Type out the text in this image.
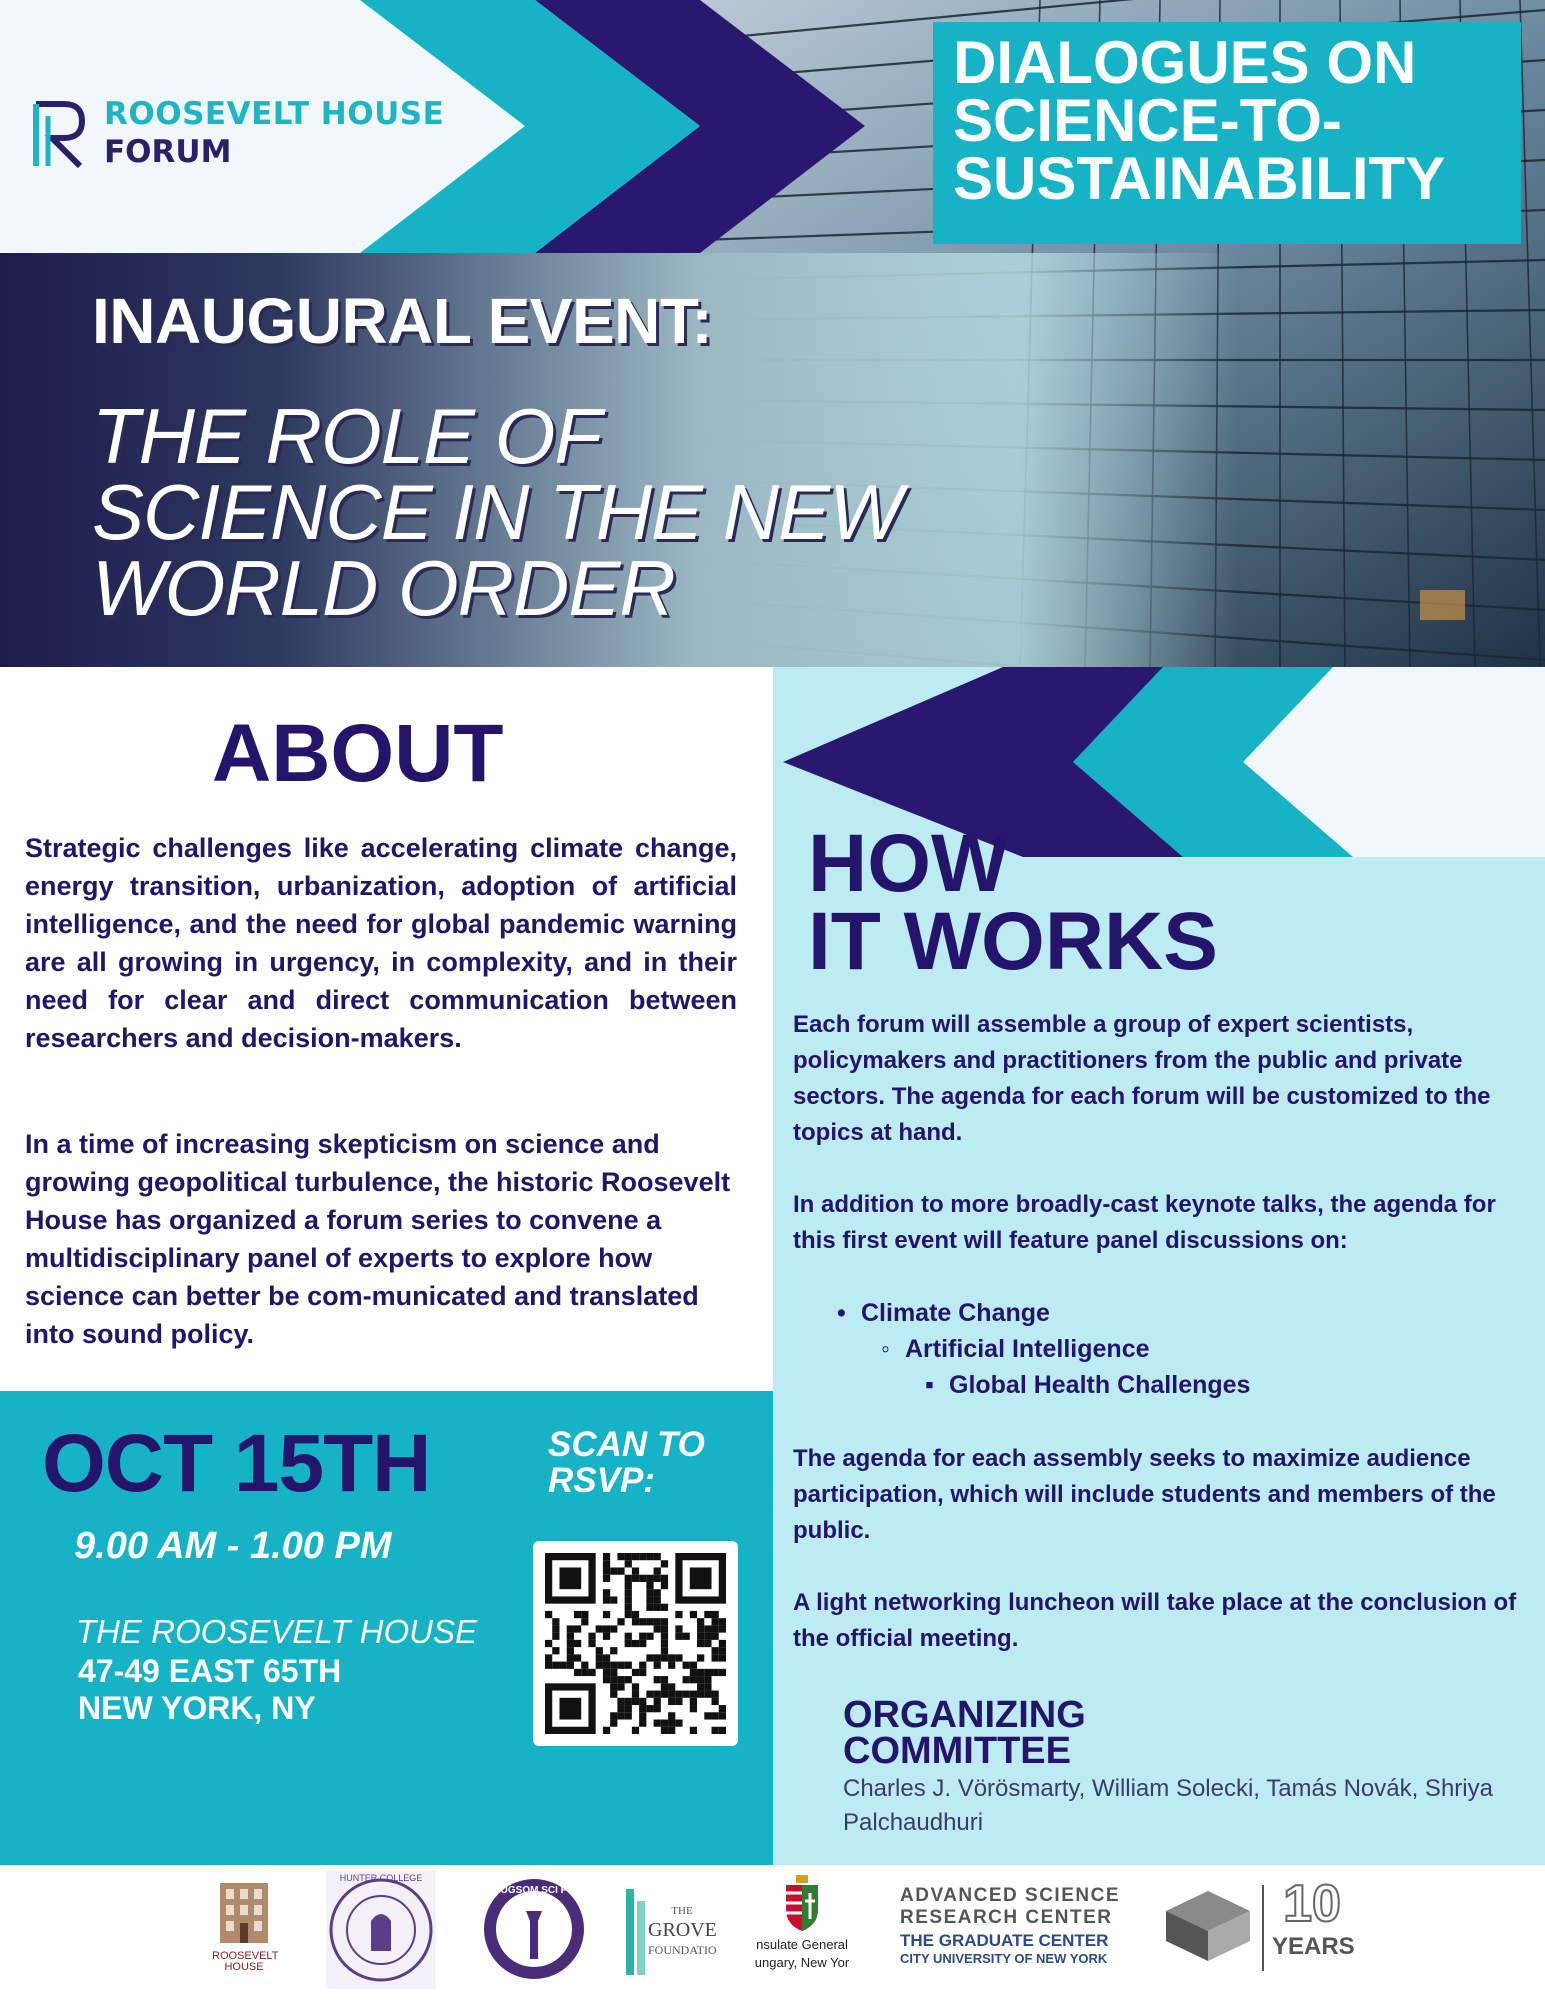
ROOSEVELT HOUSE
FORUM
DIALOGUES ON
SCIENCE-TO-
SUSTAINABILITY
INAUGURAL EVENT:
THE ROLE OF SCIENCE IN THE NEW WORLD ORDER
ABOUT
Strategic challenges like accelerating climate change, energy transition, urbanization, adoption of artificial intelligence, and the need for global pandemic warning are all growing in urgency, in complexity, and in their need for clear and direct communication between researchers and decision-makers.
In a time of increasing skepticism on science and growing geopolitical turbulence, the historic Roosevelt House has organized a forum series to convene a multidisciplinary panel of experts to explore how science can better be com-municated and translated into sound policy.
OCT 15TH
9.00 AM - 1.00 PM
THE ROOSEVELT HOUSE
47-49 EAST 65TH
NEW YORK, NY
SCAN TO
RSVP:
HOW
IT WORKS
Each forum will assemble a group of expert scientists, policymakers and practitioners from the public and private sectors. The agenda for each forum will be customized to the topics at hand.
In addition to more broadly-cast keynote talks, the agenda for this first event will feature panel discussions on:
• Climate Change
◦ Artificial Intelligence
▪ Global Health Challenges
The agenda for each assembly seeks to maximize audience participation, which will include students and members of the public.
A light networking luncheon will take place at the conclusion of the official meeting.
ORGANIZING
COMMITTEE
Charles J. Vörösmarty, William Solecki, Tamás Novák, Shriya Palchaudhuri
ROOSEVELT HOUSE
HUNTER COLLEGE
NYUGSOM SCI POL
THE
GROVE
FOUNDATIO	nsulate General
ungary, New Yor
ADVANCED SCIENCE
RESEARCH CENTER
THE GRADUATE CENTER
CITY UNIVERSITY OF NEW YORK
10
YEARS
